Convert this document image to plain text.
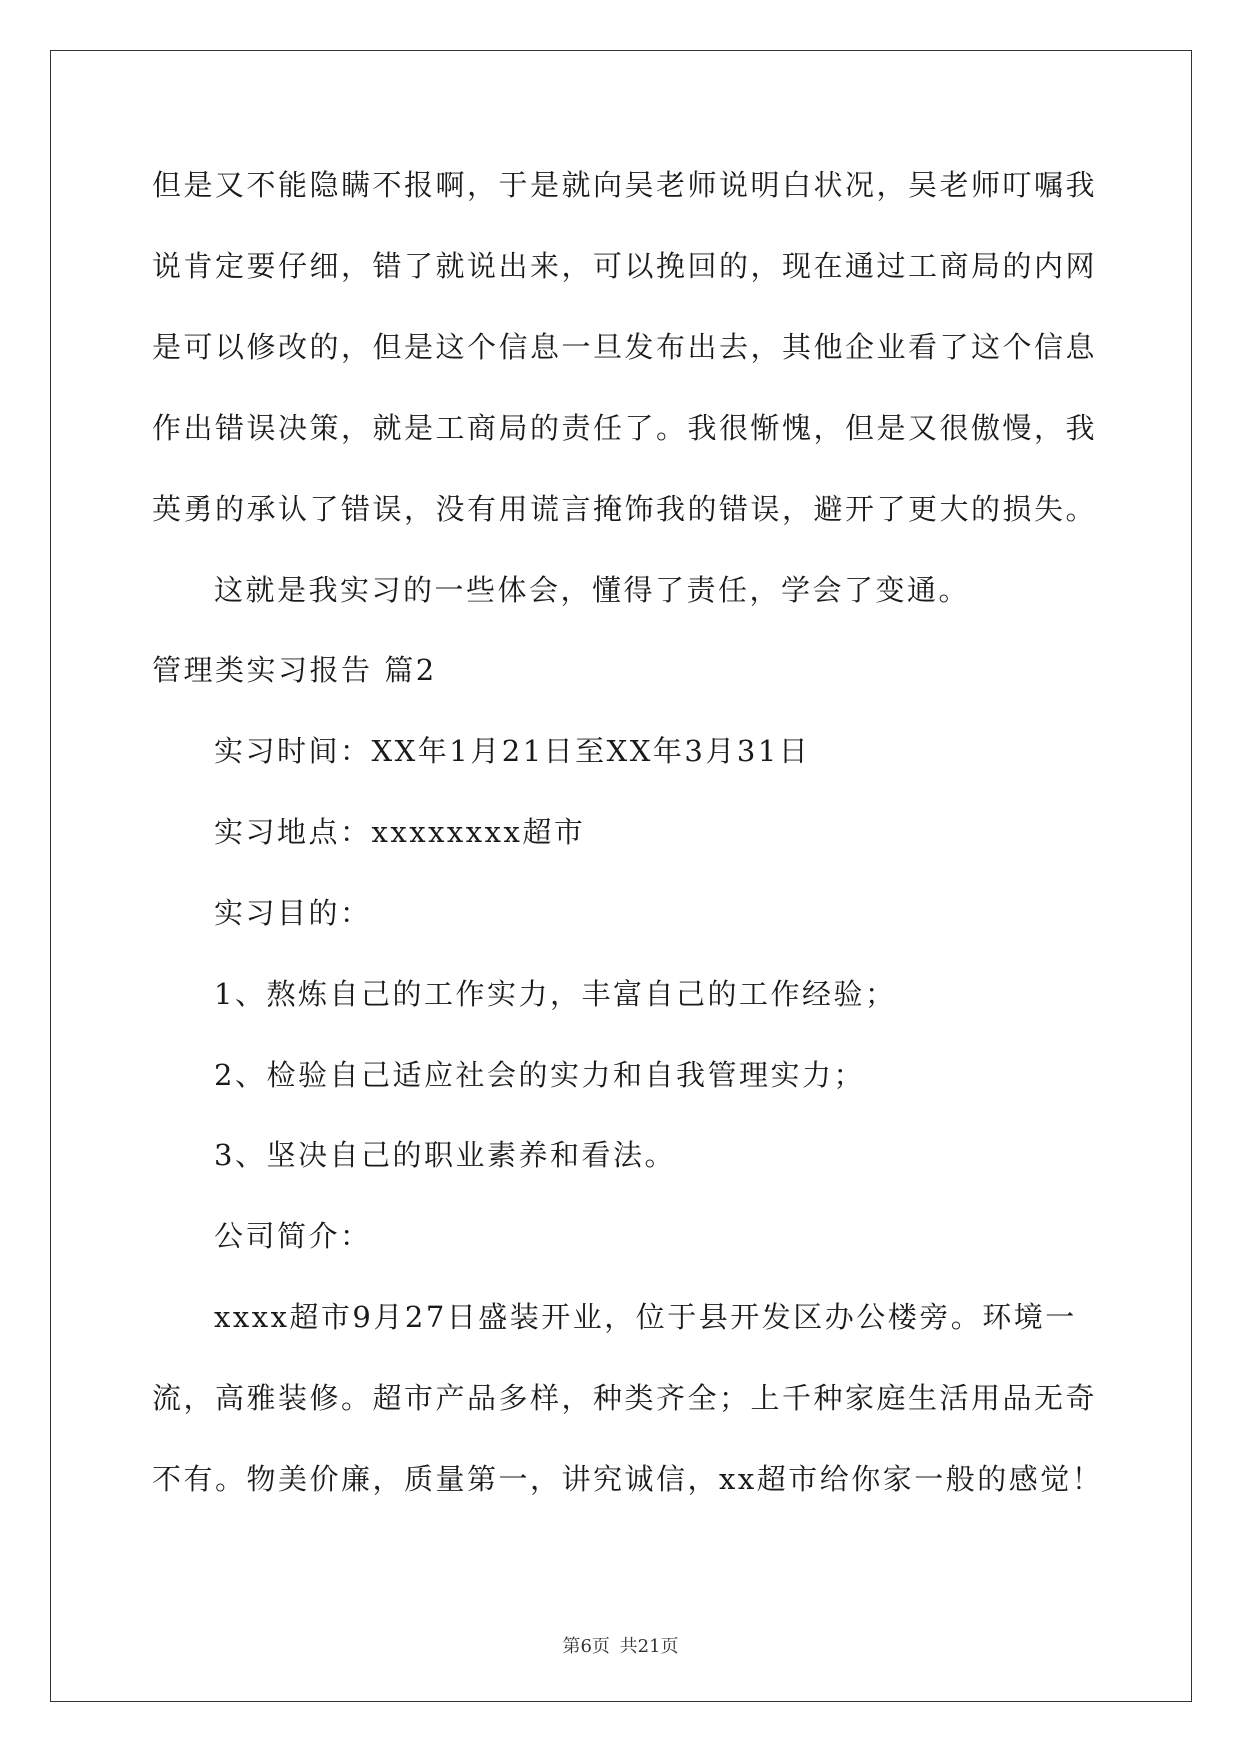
但是又不能隐瞒不报啊，于是就向吴老师说明白状况，吴老师叮嘱我
说肯定要仔细，错了就说出来，可以挽回的，现在通过工商局的内网
是可以修改的，但是这个信息一旦发布出去，其他企业看了这个信息
作出错误决策，就是工商局的责任了。我很惭愧，但是又很傲慢，我
英勇的承认了错误，没有用谎言掩饰我的错误，避开了更大的损失。
这就是我实习的一些体会，懂得了责任，学会了变通。
管理类实习报告 篇2
实习时间：XX年1月21日至XX年3月31日
实习地点：xxxxxxxx超市
实习目的：
1、熬炼自己的工作实力，丰富自己的工作经验；
2、检验自己适应社会的实力和自我管理实力；
3、坚决自己的职业素养和看法。
公司简介：
xxxx超市9月27日盛装开业，位于县开发区办公楼旁。环境一
流，高雅装修。超市产品多样，种类齐全；上千种家庭生活用品无奇
不有。物美价廉，质量第一，讲究诚信，xx超市给你家一般的感觉！
第6页 共21页
